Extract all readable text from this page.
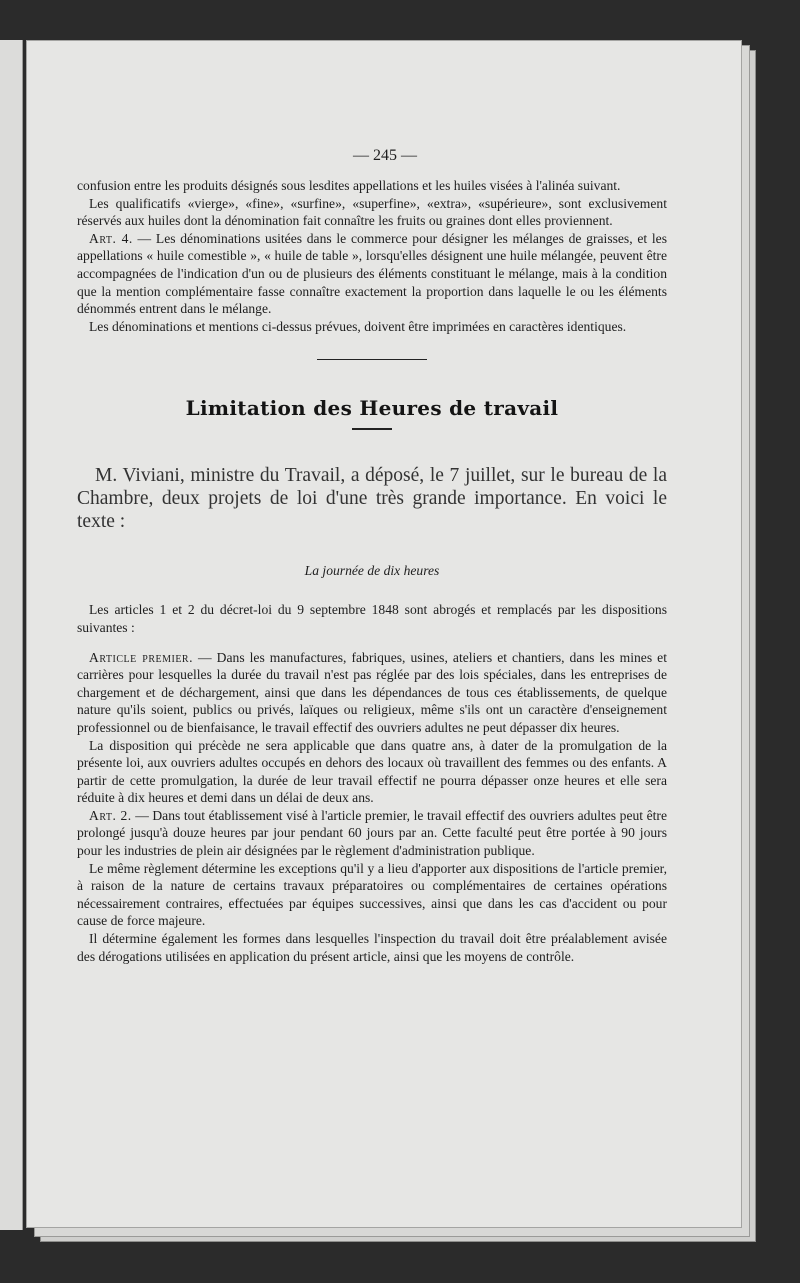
— 245 —

confusion entre les produits désignés sous lesdites appellations et les huiles visées à l'alinéa suivant.

Les qualificatifs «vierge», «fine», «surfine», «superfine», «extra», «supérieure», sont exclusivement réservés aux huiles dont la dénomination fait connaître les fruits ou graines dont elles proviennent.

Art. 4. — Les dénominations usitées dans le commerce pour désigner les mélanges de graisses, et les appellations « huile comestible », « huile de table », lorsqu'elles désignent une huile mélangée, peuvent être accompagnées de l'indication d'un ou de plusieurs des éléments constituant le mélange, mais à la condition que la mention complémentaire fasse connaître exactement la proportion dans laquelle le ou les éléments dénommés entrent dans le mélange.

Les dénominations et mentions ci-dessus prévues, doivent être imprimées en caractères identiques.

Limitation des Heures de travail

M. Viviani, ministre du Travail, a déposé, le 7 juillet, sur le bureau de la Chambre, deux projets de loi d'une très grande importance. En voici le texte :

La journée de dix heures

Les articles 1 et 2 du décret-loi du 9 septembre 1848 sont abrogés et remplacés par les dispositions suivantes :

Article premier. — Dans les manufactures, fabriques, usines, ateliers et chantiers, dans les mines et carrières pour lesquelles la durée du travail n'est pas réglée par des lois spéciales, dans les entreprises de chargement et de déchargement, ainsi que dans les dépendances de tous ces établissements, de quelque nature qu'ils soient, publics ou privés, laïques ou religieux, même s'ils ont un caractère d'enseignement professionnel ou de bienfaisance, le travail effectif des ouvriers adultes ne peut dépasser dix heures.

La disposition qui précède ne sera applicable que dans quatre ans, à dater de la promulgation de la présente loi, aux ouvriers adultes occupés en dehors des locaux où travaillent des femmes ou des enfants. A partir de cette promulgation, la durée de leur travail effectif ne pourra dépasser onze heures et elle sera réduite à dix heures et demi dans un délai de deux ans.

Art. 2. — Dans tout établissement visé à l'article premier, le travail effectif des ouvriers adultes peut être prolongé jusqu'à douze heures par jour pendant 60 jours par an. Cette faculté peut être portée à 90 jours pour les industries de plein air désignées par le règlement d'administration publique.

Le même règlement détermine les exceptions qu'il y a lieu d'apporter aux dispositions de l'article premier, à raison de la nature de certains travaux préparatoires ou complémentaires de certaines opérations nécessairement contraires, effectuées par équipes successives, ainsi que dans les cas d'accident ou pour cause de force majeure.

Il détermine également les formes dans lesquelles l'inspection du travail doit être préalablement avisée des dérogations utilisées en application du présent article, ainsi que les moyens de contrôle.
